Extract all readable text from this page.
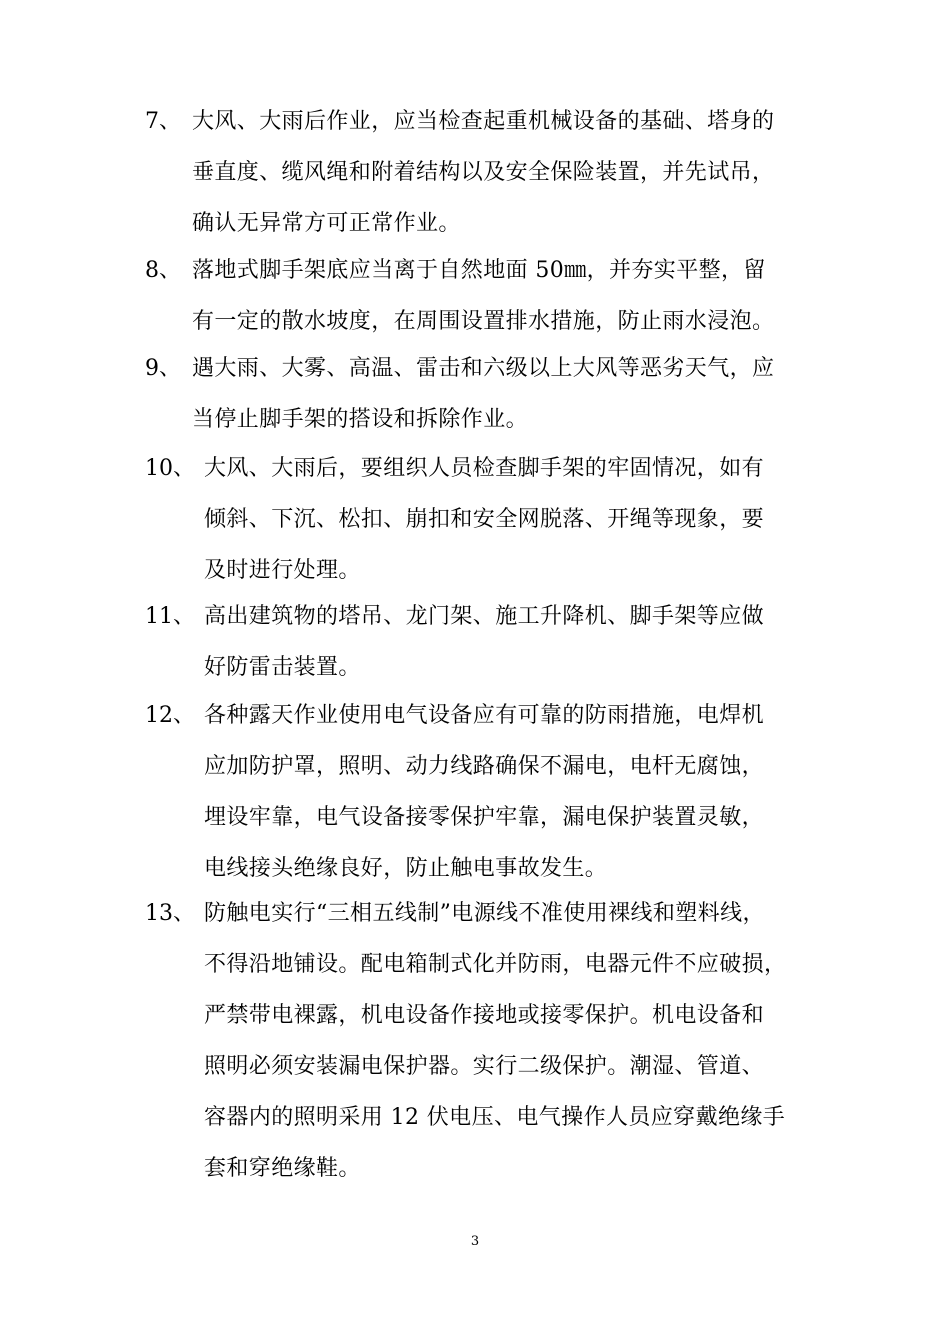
7、 大风、大雨后作业，应当检查起重机械设备的基础、塔身的
垂直度、缆风绳和附着结构以及安全保险装置，并先试吊，
确认无异常方可正常作业。
8、 落地式脚手架底应当离于自然地面 50㎜，并夯实平整，留
有一定的散水坡度，在周围设置排水措施，防止雨水浸泡。
9、 遇大雨、大雾、高温、雷击和六级以上大风等恶劣天气，应
当停止脚手架的搭设和拆除作业。
10、 大风、大雨后，要组织人员检查脚手架的牢固情况，如有
倾斜、下沉、松扣、崩扣和安全网脱落、开绳等现象，要
及时进行处理。
11、 高出建筑物的塔吊、龙门架、施工升降机、脚手架等应做
好防雷击装置。
12、 各种露天作业使用电气设备应有可靠的防雨措施，电焊机
应加防护罩，照明、动力线路确保不漏电，电杆无腐蚀，
埋设牢靠，电气设备接零保护牢靠，漏电保护装置灵敏，
电线接头绝缘良好，防止触电事故发生。
13、 防触电实行“三相五线制”电源线不准使用裸线和塑料线，
不得沿地铺设。配电箱制式化并防雨，电器元件不应破损，
严禁带电裸露，机电设备作接地或接零保护。机电设备和
照明必须安装漏电保护器。实行二级保护。潮湿、管道、
容器内的照明采用 12 伏电压、电气操作人员应穿戴绝缘手
套和穿绝缘鞋。
3
